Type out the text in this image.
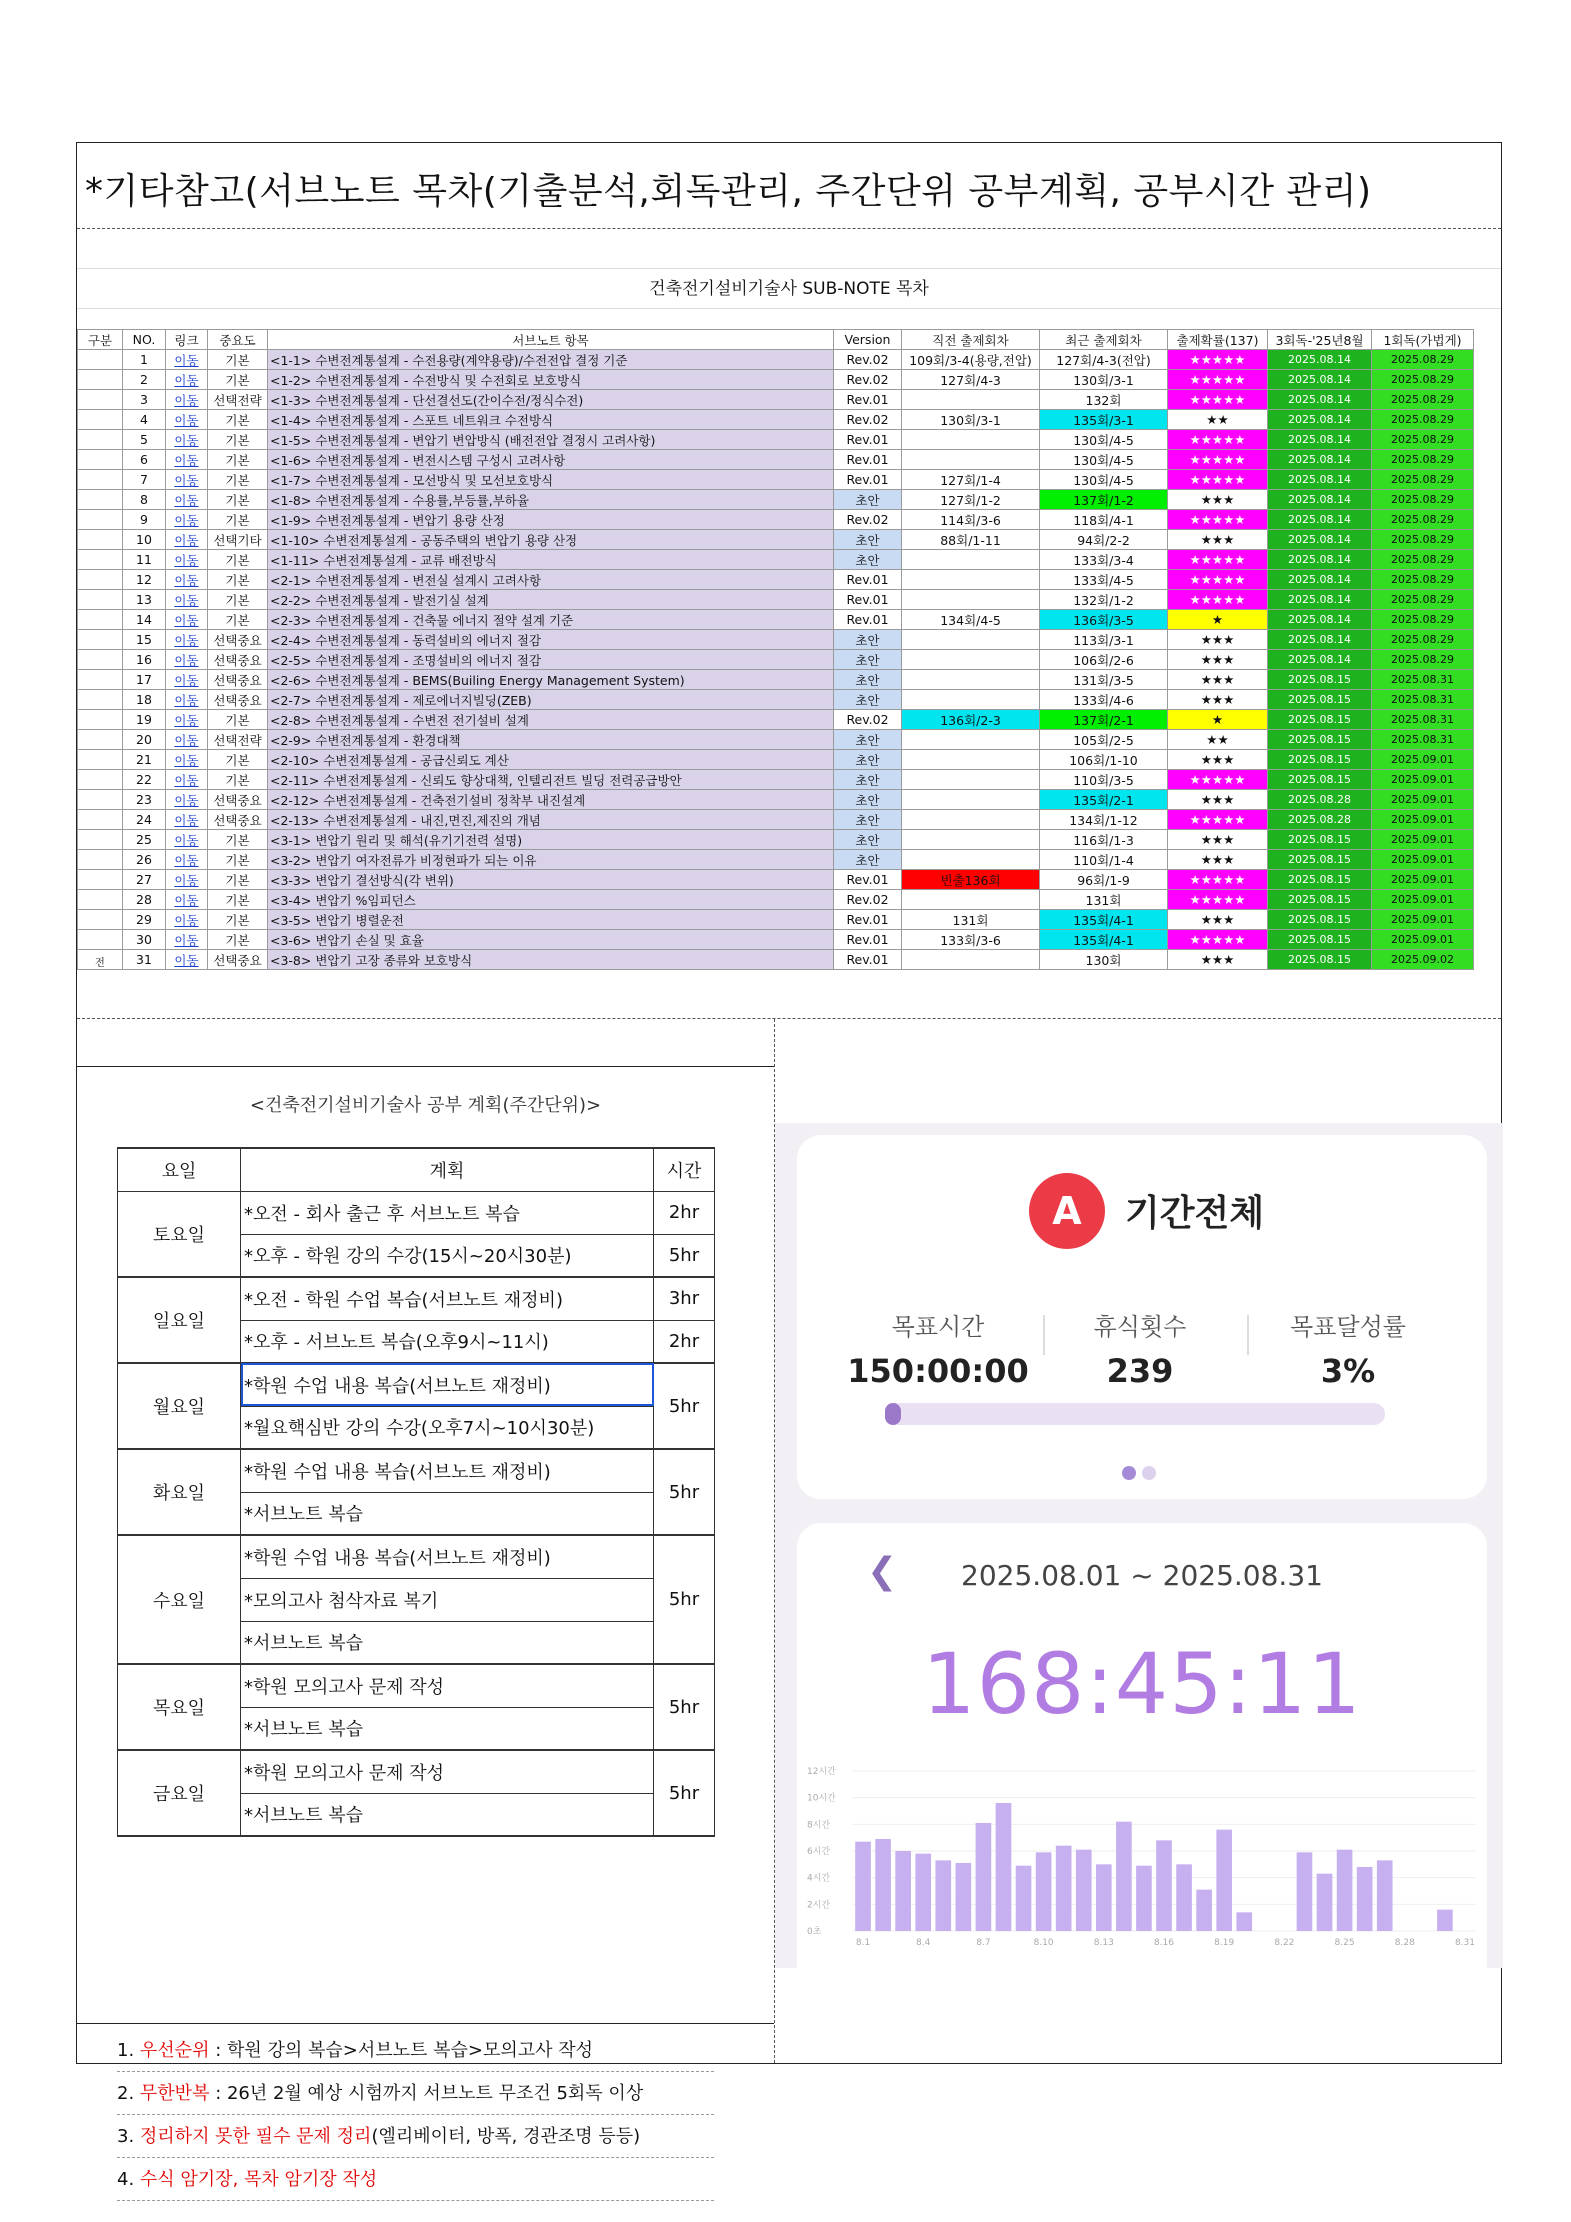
*기타참고(서브노트 목차(기출분석,회독관리, 주간단위 공부계획, 공부시간 관리)
건축전기설비기술사 SUB-NOTE 목차
구분	NO.	링크	중요도	서브노트 항목	Version	직전 출제회차	최근 출제회차	출제확률(137)	3회독-'25년8월	1회독(가법게)
	1	이동	기본	<1-1> 수변전계통설계 - 수전용량(계약용량)/수전전압 결정 기준	Rev.02	109회/3-4(용량,전압)	127회/4-3(전압)	★★★★★	2025.08.14	2025.08.29
	2	이동	기본	<1-2> 수변전계통설계 - 수전방식 및 수전회로 보호방식	Rev.02	127회/4-3	130회/3-1	★★★★★	2025.08.14	2025.08.29
	3	이동	선택전략	<1-3> 수변전계통설계 - 단선결선도(간이수전/정식수전)	Rev.01		132회	★★★★★	2025.08.14	2025.08.29
	4	이동	기본	<1-4> 수변전계통설계 - 스포트 네트워크 수전방식	Rev.02	130회/3-1	135회/3-1	★★	2025.08.14	2025.08.29
	5	이동	기본	<1-5> 수변전계통설계 - 변압기 변압방식 (배전전압 결정시 고려사항)	Rev.01		130회/4-5	★★★★★	2025.08.14	2025.08.29
	6	이동	기본	<1-6> 수변전계통설계 - 변전시스템 구성시 고려사항	Rev.01		130회/4-5	★★★★★	2025.08.14	2025.08.29
	7	이동	기본	<1-7> 수변전계통설계 - 모선방식 및 모선보호방식	Rev.01	127회/1-4	130회/4-5	★★★★★	2025.08.14	2025.08.29
	8	이동	기본	<1-8> 수변전계통설계 - 수용률,부등률,부하율	초안	127회/1-2	137회/1-2	★★★	2025.08.14	2025.08.29
	9	이동	기본	<1-9> 수변전계통설계 - 변압기 용량 산정	Rev.02	114회/3-6	118회/4-1	★★★★★	2025.08.14	2025.08.29
	10	이동	선택기타	<1-10> 수변전계통설계 - 공동주택의 변압기 용량 산정	초안	88회/1-11	94회/2-2	★★★	2025.08.14	2025.08.29
	11	이동	기본	<1-11> 수변전계통설계 - 교류 배전방식	초안		133회/3-4	★★★★★	2025.08.14	2025.08.29
	12	이동	기본	<2-1> 수변전계통설계 - 변전실 설계시 고려사항	Rev.01		133회/4-5	★★★★★	2025.08.14	2025.08.29
	13	이동	기본	<2-2> 수변전계통설계 - 발전기실 설계	Rev.01		132회/1-2	★★★★★	2025.08.14	2025.08.29
	14	이동	기본	<2-3> 수변전계통설계 - 건축물 에너지 절약 설계 기준	Rev.01	134회/4-5	136회/3-5	★	2025.08.14	2025.08.29
	15	이동	선택중요	<2-4> 수변전계통설계 - 동력설비의 에너지 절감	초안		113회/3-1	★★★	2025.08.14	2025.08.29
	16	이동	선택중요	<2-5> 수변전계통설계 - 조명설비의 에너지 절감	초안		106회/2-6	★★★	2025.08.14	2025.08.29
	17	이동	선택중요	<2-6> 수변전계통설계 - BEMS(Builing Energy Management System)	초안		131회/3-5	★★★	2025.08.15	2025.08.31
	18	이동	선택중요	<2-7> 수변전계통설계 - 제로에너지빌딩(ZEB)	초안		133회/4-6	★★★	2025.08.15	2025.08.31
	19	이동	기본	<2-8> 수변전계통설계 - 수변전 전기설비 설계	Rev.02	136회/2-3	137회/2-1	★	2025.08.15	2025.08.31
	20	이동	선택전략	<2-9> 수변전계통설계 - 환경대책	초안		105회/2-5	★★	2025.08.15	2025.08.31
	21	이동	기본	<2-10> 수변전계통설계 - 공급신뢰도 계산	초안		106회/1-10	★★★	2025.08.15	2025.09.01
	22	이동	기본	<2-11> 수변전계통설계 - 신뢰도 향상대책, 인텔리전트 빌딩 전력공급방안	초안		110회/3-5	★★★★★	2025.08.15	2025.09.01
	23	이동	선택중요	<2-12> 수변전계통설계 - 건축전기설비 정착부 내진설계	초안		135회/2-1	★★★	2025.08.28	2025.09.01
	24	이동	선택중요	<2-13> 수변전계통설계 - 내진,면진,제진의 개념	초안		134회/1-12	★★★★★	2025.08.28	2025.09.01
	25	이동	기본	<3-1> 변압기 원리 및 해석(유기기전력 설명)	초안		116회/1-3	★★★	2025.08.15	2025.09.01
	26	이동	기본	<3-2> 변압기 여자전류가 비정현파가 되는 이유	초안		110회/1-4	★★★	2025.08.15	2025.09.01
	27	이동	기본	<3-3> 변압기 결선방식(각 변위)	Rev.01	빈출136회	96회/1-9	★★★★★	2025.08.15	2025.09.01
	28	이동	기본	<3-4> 변압기 %임피던스	Rev.02		131회	★★★★★	2025.08.15	2025.09.01
	29	이동	기본	<3-5> 변압기 병렬운전	Rev.01	131회	135회/4-1	★★★	2025.08.15	2025.09.01
	30	이동	기본	<3-6> 변압기 손실 및 효율	Rev.01	133회/3-6	135회/4-1	★★★★★	2025.08.15	2025.09.01
전	31	이동	선택중요	<3-8> 변압기 고장 종류와 보호방식	Rev.01		130회	★★★	2025.08.15	2025.09.02
<건축전기설비기술사 공부 계획(주간단위)>
요일	계획	시간
토요일	*오전 - 회사 출근 후 서브노트 복습	2hr
	*오후 - 학원 강의 수강(15시~20시30분)	5hr
일요일	*오전 - 학원 수업 복습(서브노트 재정비)	3hr
	*오후 - 서브노트 복습(오후9시~11시)	2hr
월요일	*학원 수업 내용 복습(서브노트 재정비)	5hr
	*월요핵심반 강의 수강(오후7시~10시30분)	
화요일	*학원 수업 내용 복습(서브노트 재정비)	5hr
	*서브노트 복습	
수요일	*학원 수업 내용 복습(서브노트 재정비)	5hr
	*모의고사 첨삭자료 복기	
	*서브노트 복습	
목요일	*학원 모의고사 문제 작성	5hr
	*서브노트 복습	
금요일	*학원 모의고사 문제 작성	5hr
	*서브노트 복습	
1. 우선순위 : 학원 강의 복습>서브노트 복습>모의고사 작성
2. 무한반복 : 26년 2월 예상 시험까지 서브노트 무조건 5회독 이상
3. 정리하지 못한 필수 문제 정리(엘리베이터, 방폭, 경관조명 등등)
4. 수식 암기장, 목차 암기장 작성
A	기간전체
목표시간
150:00:00
휴식횟수
239
목표달성률
3%
❮	2025.08.01 ~ 2025.08.31
168:45:11
0초
2시간
4시간
6시간
8시간
10시간
12시간
8.1	8.4	8.7	8.10	8.13	8.16	8.19	8.22	8.25	8.28	8.31
